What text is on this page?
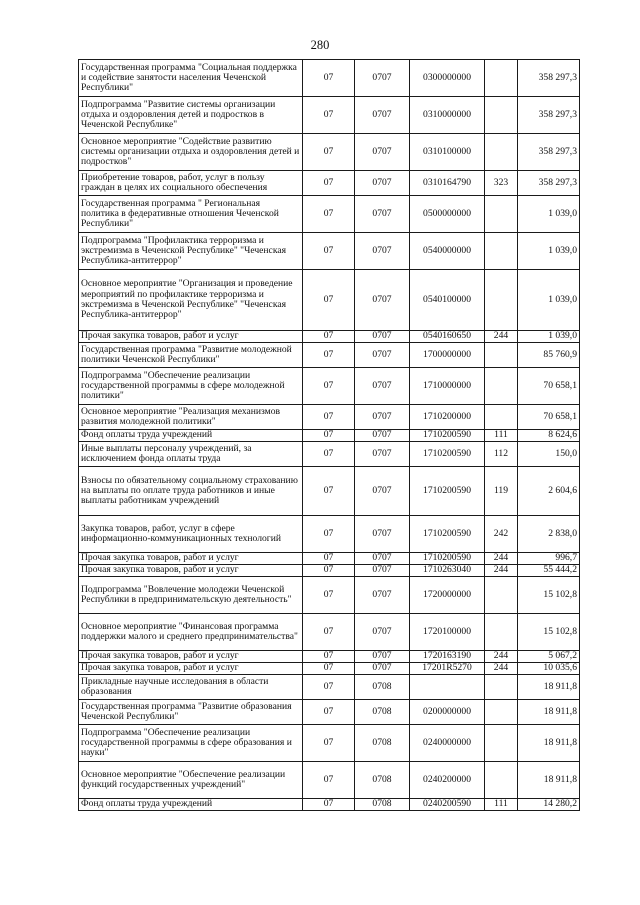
280
Государственная программа "Социальная поддержка и содействие занятости населения Чеченской Республики"	07	0707	0300000000		358 297,3
Подпрограмма "Развитие системы организации отдыха и оздоровления детей и подростков в Чеченской Республике"	07	0707	0310000000		358 297,3
Основное мероприятие "Содействие развитию системы организации отдыха и оздоровления детей и подростков"	07	0707	0310100000		358 297,3
Приобретение товаров, работ, услуг в пользу граждан в целях их социального обеспечения	07	0707	0310164790	323	358 297,3
Государственная программа " Региональная политика в федеративные отношения Чеченской Республики"	07	0707	0500000000		1 039,0
Подпрограмма "Профилактика терроризма и экстремизма в Чеченской Республике" "Чеченская Республика-антитеррор"	07	0707	0540000000		1 039,0
Основное мероприятие "Организация и проведение мероприятий по профилактике терроризма и экстремизма в Чеченской Республике" "Чеченская Республика-антитеррор"	07	0707	0540100000		1 039,0
Прочая закупка товаров, работ и услуг	07	0707	0540160650	244	1 039,0
Государственная программа "Развитие молодежной политики Чеченской Республики"	07	0707	1700000000		85 760,9
Подпрограмма "Обеспечение реализации государственной программы в сфере молодежной политики"	07	0707	1710000000		70 658,1
Основное мероприятие "Реализация механизмов развития молодежной политики"	07	0707	1710200000		70 658,1
Фонд оплаты труда учреждений	07	0707	1710200590	111	8 624,6
Иные выплаты персоналу учреждений, за исключением фонда оплаты труда	07	0707	1710200590	112	150,0
Взносы по обязательному социальному страхованию на выплаты по оплате труда работников и иные выплаты работникам учреждений	07	0707	1710200590	119	2 604,6
Закупка товаров, работ, услуг в сфере информационно-коммуникационных технологий	07	0707	1710200590	242	2 838,0
Прочая закупка товаров, работ и услуг	07	0707	1710200590	244	996,7
Прочая закупка товаров, работ и услуг	07	0707	1710263040	244	55 444,2
Подпрограмма "Вовлечение молодежи Чеченской Республики в предпринимательскую деятельность"	07	0707	1720000000		15 102,8
Основное мероприятие "Финансовая программа поддержки малого и среднего предпринимательства"	07	0707	1720100000		15 102,8
Прочая закупка товаров, работ и услуг	07	0707	1720163190	244	5 067,2
Прочая закупка товаров, работ и услуг	07	0707	17201R5270	244	10 035,6
Прикладные научные исследования в области образования	07	0708			18 911,8
Государственная программа "Развитие образования Чеченской Республики"	07	0708	0200000000		18 911,8
Подпрограмма "Обеспечение реализации государственной программы в сфере образования и науки"	07	0708	0240000000		18 911,8
Основное мероприятие "Обеспечение реализации функций государственных учреждений"	07	0708	0240200000		18 911,8
Фонд оплаты труда учреждений	07	0708	0240200590	111	14 280,2
